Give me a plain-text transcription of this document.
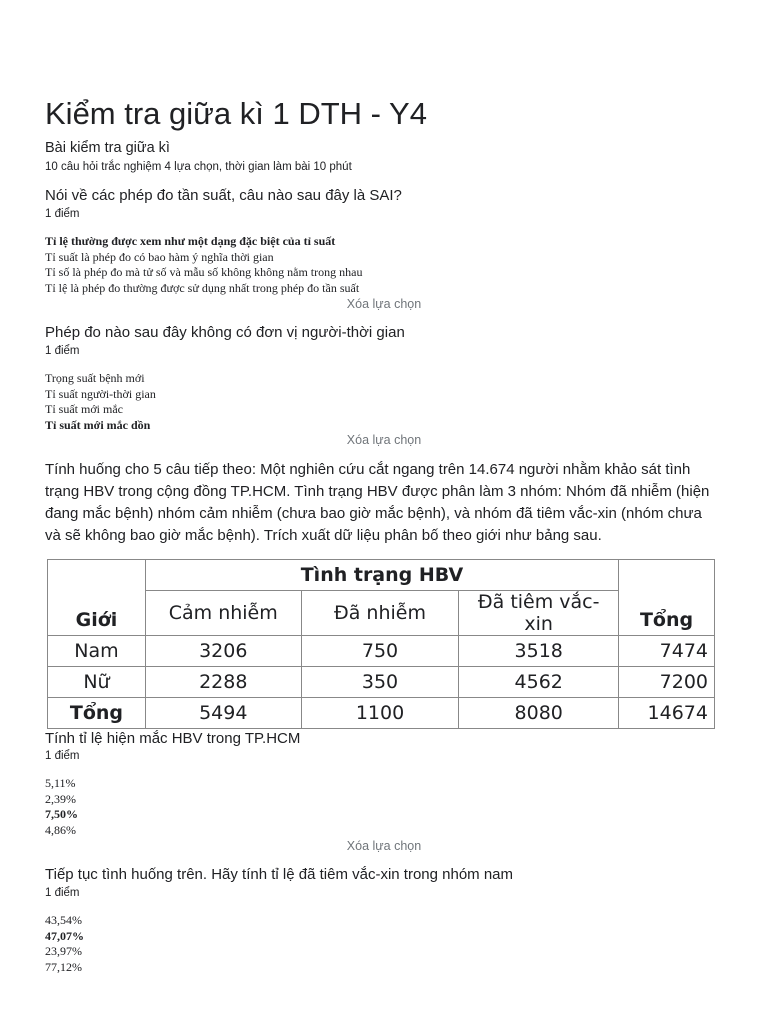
Kiểm tra giữa kì 1 DTH - Y4
Bài kiểm tra giữa kì
10 câu hỏi trắc nghiệm 4 lựa chọn, thời gian làm bài 10 phút
Nói về các phép đo tần suất, câu nào sau đây là SAI?
1 điểm
Tỉ lệ thường được xem như một dạng đặc biệt của tỉ suất
Tỉ suất là phép đo có bao hàm ý nghĩa thời gian
Tỉ số là phép đo mà tử số và mẫu số không không nằm trong nhau
Tỉ lệ là phép đo thường được sử dụng nhất trong phép đo tần suất
Xóa lựa chọn
Phép đo nào sau đây không có đơn vị người-thời gian
1 điểm
Trọng suất bệnh mới
Tỉ suất người-thời gian
Tỉ suất mới mắc
Tỉ suất mới mắc dồn
Xóa lựa chọn
Tính huống cho 5 câu tiếp theo: Một nghiên cứu cắt ngang trên 14.674 người nhằm khảo sát tình
trạng HBV trong cộng đồng TP.HCM. Tình trạng HBV được phân làm 3 nhóm: Nhóm đã nhiễm (hiện
đang mắc bệnh) nhóm cảm nhiễm (chưa bao giờ mắc bệnh), và nhóm đã tiêm vắc-xin (nhóm chưa
và sẽ không bao giờ mắc bệnh). Trích xuất dữ liệu phân bố theo giới như bảng sau.
Giới	Tình trạng HBV			Tổng
	Cảm nhiễm	Đã nhiễm	Đã tiêm vắc-xin	
Nam	3206	750	3518	7474
Nữ	2288	350	4562	7200
Tổng	5494	1100	8080	14674
Tính tỉ lệ hiện mắc HBV trong TP.HCM
1 điểm
5,11%
2,39%
7,50%
4,86%
Xóa lựa chọn
Tiếp tục tình huống trên. Hãy tính tỉ lệ đã tiêm vắc-xin trong nhóm nam
1 điểm
43,54%
47,07%
23,97%
77,12%
